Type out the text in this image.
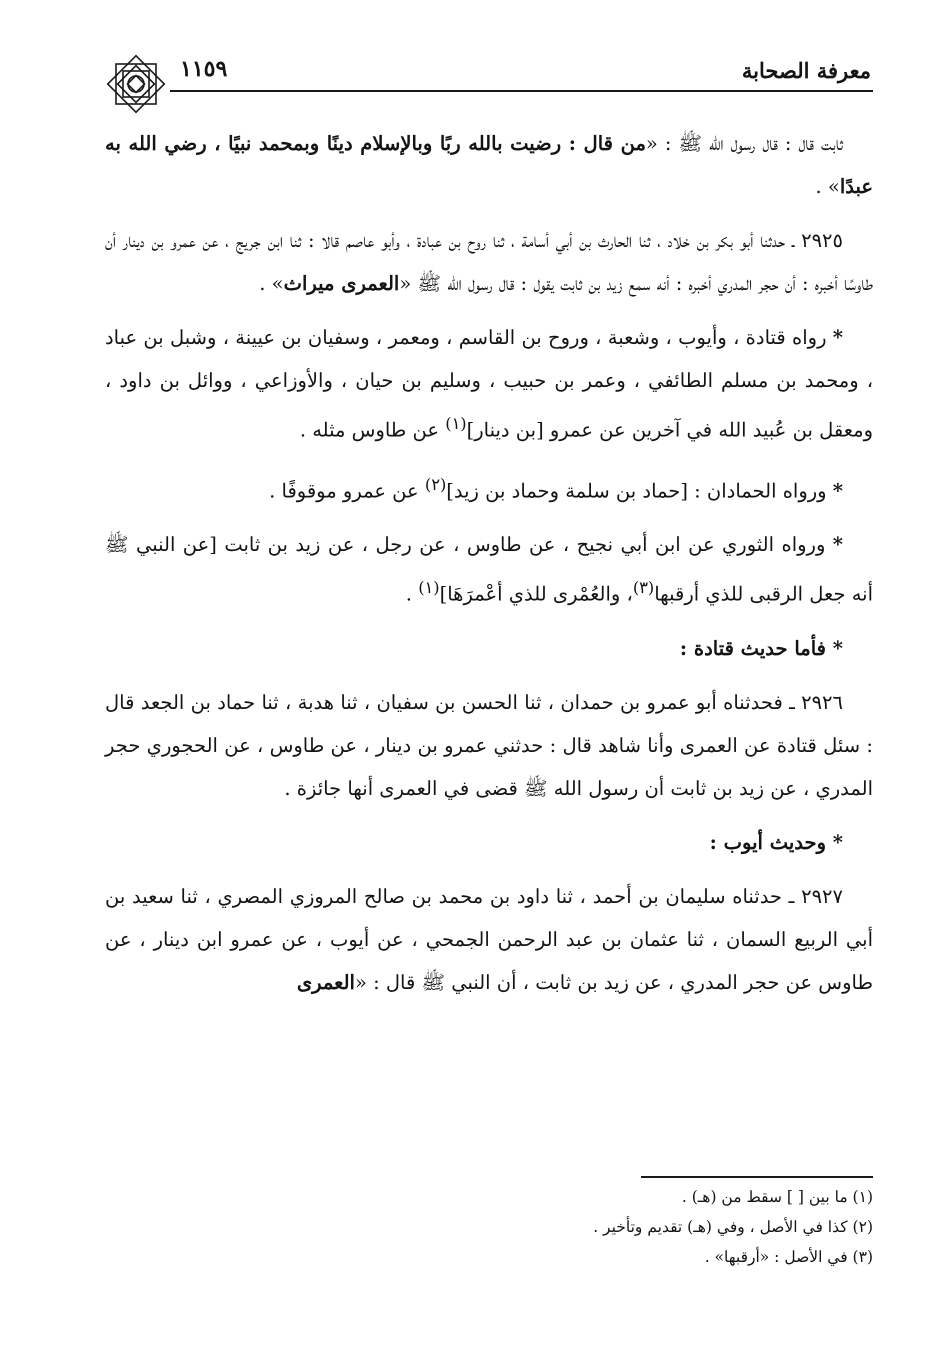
معرفة الصحابة
١١٥٩

ثابت قال : قال رسول الله ﷺ : «من قال : رضيت بالله ربًا وبالإسلام دينًا وبمحمد نبيًا ، رضي الله به عبدًا» .

٢٩٢٥ ـ حدثنا أبو بكر بن خلاد ، ثنا الحارث بن أبي أسامة ، ثنا روح بن عبادة ، وأبو عاصم قالا : ثنا ابن جريج ، عن عمرو بن دينار أن طاوسًا أخبره : أن حجر المدري أخبره : أنه سمع زيد بن ثابت يقول : قال رسول الله ﷺ «العمرى ميراث» .

* رواه قتادة ، وأيوب ، وشعبة ، وروح بن القاسم ، ومعمر ، وسفيان بن عيينة ، وشبل بن عباد ، ومحمد بن مسلم الطائفي ، وعمر بن حبيب ، وسليم بن حيان ، والأوزاعي ، ووائل بن داود ، ومعقل بن عُبيد الله في آخرين عن عمرو [بن دينار]$^{(١)}$ عن طاوس مثله .

* ورواه الحمادان : [حماد بن سلمة وحماد بن زيد]$^{(٢)}$ عن عمرو موقوفًا .

* ورواه الثوري عن ابن أبي نجيح ، عن طاوس ، عن رجل ، عن زيد بن ثابت [عن النبي ﷺ أنه جعل الرقبى للذي أرقبها$^{(٣)}$، والعُمْرى للذي أعْمرَهَا]$^{(١)}$ .

* فأما حديث قتادة :

٢٩٢٦ ـ فحدثناه أبو عمرو بن حمدان ، ثنا الحسن بن سفيان ، ثنا هدبة ، ثنا حماد بن الجعد قال : سئل قتادة عن العمرى وأنا شاهد قال : حدثني عمرو بن دينار ، عن طاوس ، عن الحجوري حجر المدري ، عن زيد بن ثابت أن رسول الله ﷺ قضى في العمرى أنها جائزة .

* وحديث أيوب :

٢٩٢٧ ـ حدثناه سليمان بن أحمد ، ثنا داود بن محمد بن صالح المروزي المصري ، ثنا سعيد بن أبي الربيع السمان ، ثنا عثمان بن عبد الرحمن الجمحي ، عن أيوب ، عن عمرو ابن دينار ، عن طاوس عن حجر المدري ، عن زيد بن ثابت ، أن النبي ﷺ قال : «العمرى

(١) ما بين [ ] سقط من (هـ) .
(٢) كذا في الأصل ، وفي (هـ) تقديم وتأخير .
(٣) في الأصل : «أرقبها» .
